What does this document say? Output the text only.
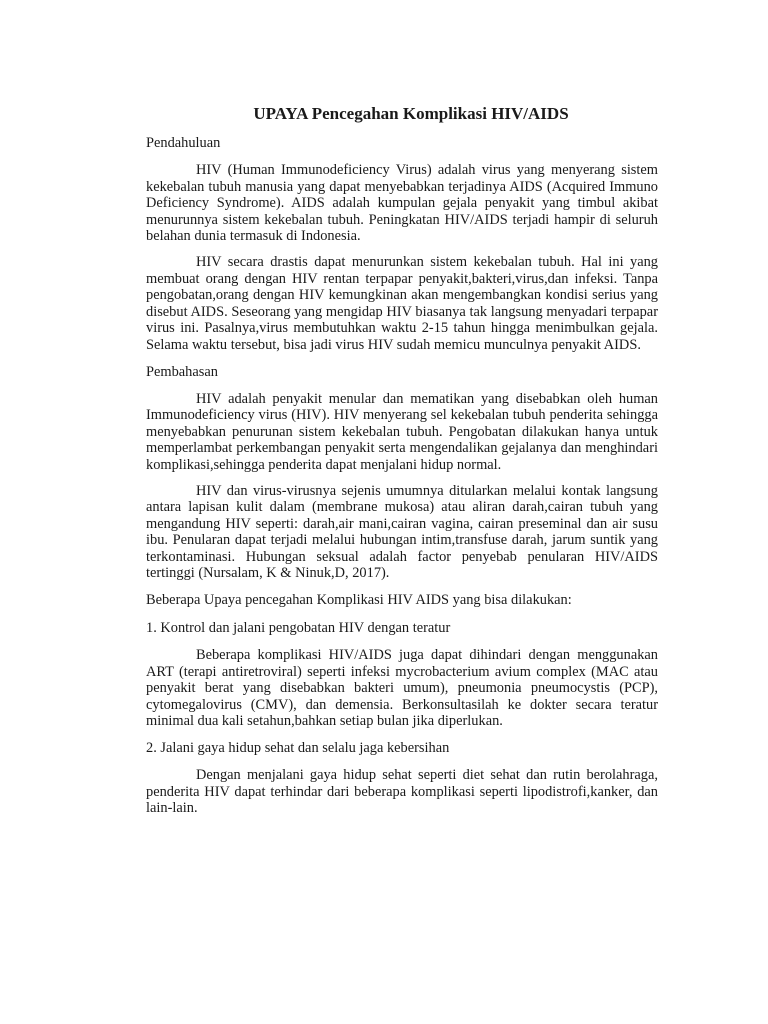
UPAYA Pencegahan Komplikasi HIV/AIDS

Pendahuluan

HIV (Human Immunodeficiency Virus) adalah virus yang menyerang sistem kekebalan tubuh manusia yang dapat menyebabkan terjadinya AIDS (Acquired Immuno Deficiency Syndrome). AIDS adalah kumpulan gejala penyakit yang timbul akibat menurunnya sistem kekebalan tubuh. Peningkatan HIV/AIDS terjadi hampir di seluruh belahan dunia termasuk di Indonesia.

HIV secara drastis dapat menurunkan sistem kekebalan tubuh. Hal ini yang membuat orang dengan HIV rentan terpapar penyakit,bakteri,virus,dan infeksi. Tanpa pengobatan,orang dengan HIV kemungkinan akan mengembangkan kondisi serius yang disebut AIDS. Seseorang yang mengidap HIV biasanya tak langsung menyadari terpapar virus ini. Pasalnya,virus membutuhkan waktu 2-15 tahun hingga menimbulkan gejala. Selama waktu tersebut, bisa jadi virus HIV sudah memicu munculnya penyakit AIDS.

Pembahasan

HIV adalah penyakit menular dan mematikan yang disebabkan oleh human Immunodeficiency virus (HIV). HIV menyerang sel kekebalan tubuh penderita sehingga menyebabkan penurunan sistem kekebalan tubuh. Pengobatan dilakukan hanya untuk memperlambat perkembangan penyakit serta mengendalikan gejalanya dan menghindari komplikasi,sehingga penderita dapat menjalani hidup normal.

HIV dan virus-virusnya sejenis umumnya ditularkan melalui kontak langsung antara lapisan kulit dalam (membrane mukosa) atau aliran darah,cairan tubuh yang mengandung HIV seperti: darah,air mani,cairan vagina, cairan preseminal dan air susu ibu. Penularan dapat terjadi melalui hubungan intim,transfuse darah, jarum suntik yang terkontaminasi. Hubungan seksual adalah factor penyebab penularan HIV/AIDS tertinggi (Nursalam, K & Ninuk,D, 2017).

Beberapa Upaya pencegahan Komplikasi HIV AIDS yang bisa dilakukan:

1. Kontrol dan jalani pengobatan HIV dengan teratur

Beberapa komplikasi HIV/AIDS juga dapat dihindari dengan menggunakan ART (terapi antiretroviral) seperti infeksi mycrobacterium avium complex (MAC atau penyakit berat yang disebabkan bakteri umum), pneumonia pneumocystis (PCP), cytomegalovirus (CMV), dan demensia. Berkonsultasilah ke dokter secara teratur minimal dua kali setahun,bahkan setiap bulan jika diperlukan.

2. Jalani gaya hidup sehat dan selalu jaga kebersihan

Dengan menjalani gaya hidup sehat seperti diet sehat dan rutin berolahraga, penderita HIV dapat terhindar dari beberapa komplikasi seperti lipodistrofi,kanker, dan lain-lain.
